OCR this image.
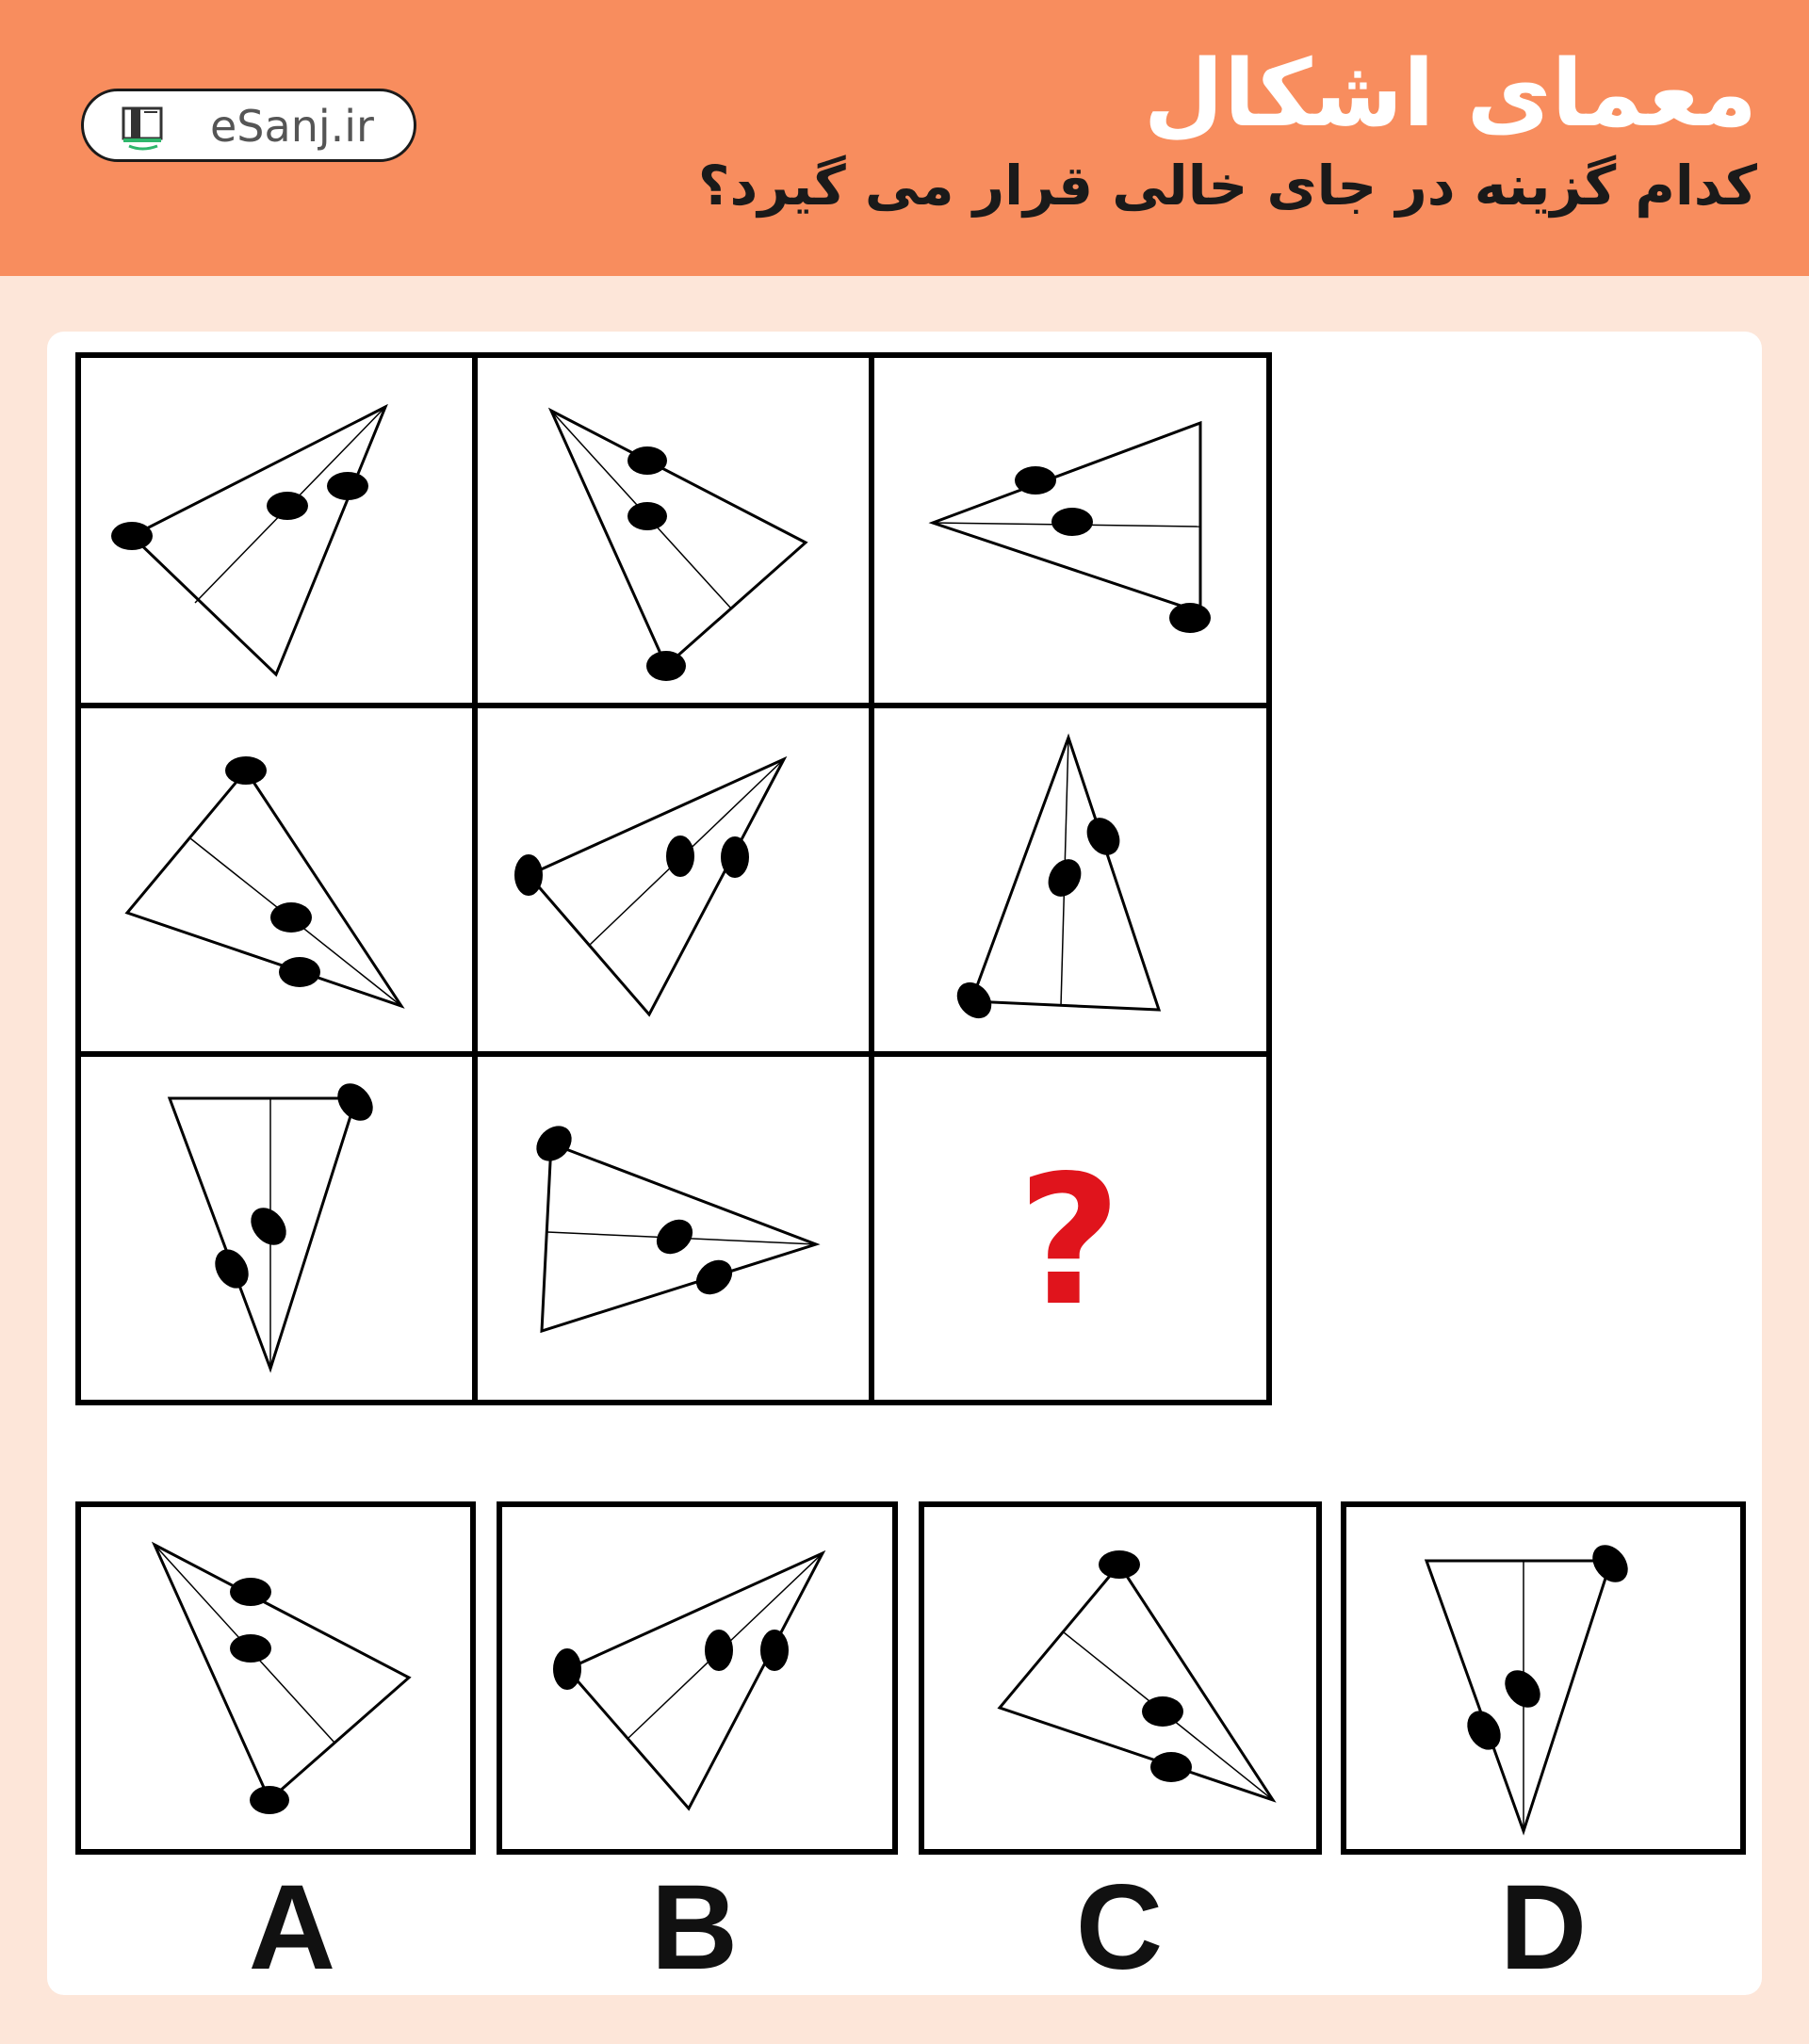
معمای اشکال
کدام گزینه در جای خالی قرار می گیرد؟
eSanj.ir
?
A	B	C	D
